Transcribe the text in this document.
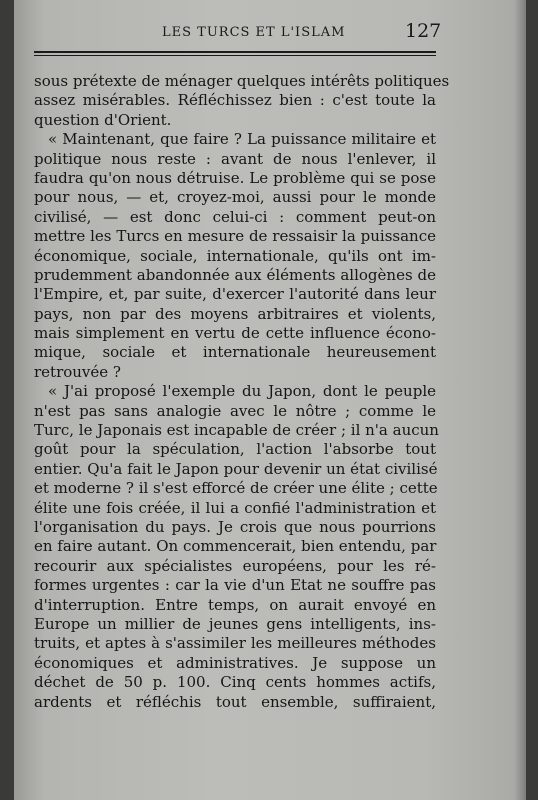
LES TURCS ET L'ISLAM	127
sous prétexte de ménager quelques intérêts politiques
assez misérables. Réfléchissez bien : c'est toute la
question d'Orient.
« Maintenant, que faire ? La puissance militaire et
politique nous reste : avant de nous l'enlever, il
faudra qu'on nous détruise. Le problème qui se pose
pour nous, — et, croyez-moi, aussi pour le monde
civilisé, — est donc celui-ci : comment peut-on
mettre les Turcs en mesure de ressaisir la puissance
économique, sociale, internationale, qu'ils ont im-
prudemment abandonnée aux éléments allogènes de
l'Empire, et, par suite, d'exercer l'autorité dans leur
pays, non par des moyens arbitraires et violents,
mais simplement en vertu de cette influence écono-
mique, sociale et internationale heureusement
retrouvée ?
« J'ai proposé l'exemple du Japon, dont le peuple
n'est pas sans analogie avec le nôtre ; comme le
Turc, le Japonais est incapable de créer ; il n'a aucun
goût pour la spéculation, l'action l'absorbe tout
entier. Qu'a fait le Japon pour devenir un état civilisé
et moderne ? il s'est efforcé de créer une élite ; cette
élite une fois créée, il lui a confié l'administration et
l'organisation du pays. Je crois que nous pourrions
en faire autant. On commencerait, bien entendu, par
recourir aux spécialistes européens, pour les ré-
formes urgentes : car la vie d'un Etat ne souffre pas
d'interruption. Entre temps, on aurait envoyé en
Europe un millier de jeunes gens intelligents, ins-
truits, et aptes à s'assimiler les meilleures méthodes
économiques et administratives. Je suppose un
déchet de 50 p. 100. Cinq cents hommes actifs,
ardents et réfléchis tout ensemble, suffiraient,
